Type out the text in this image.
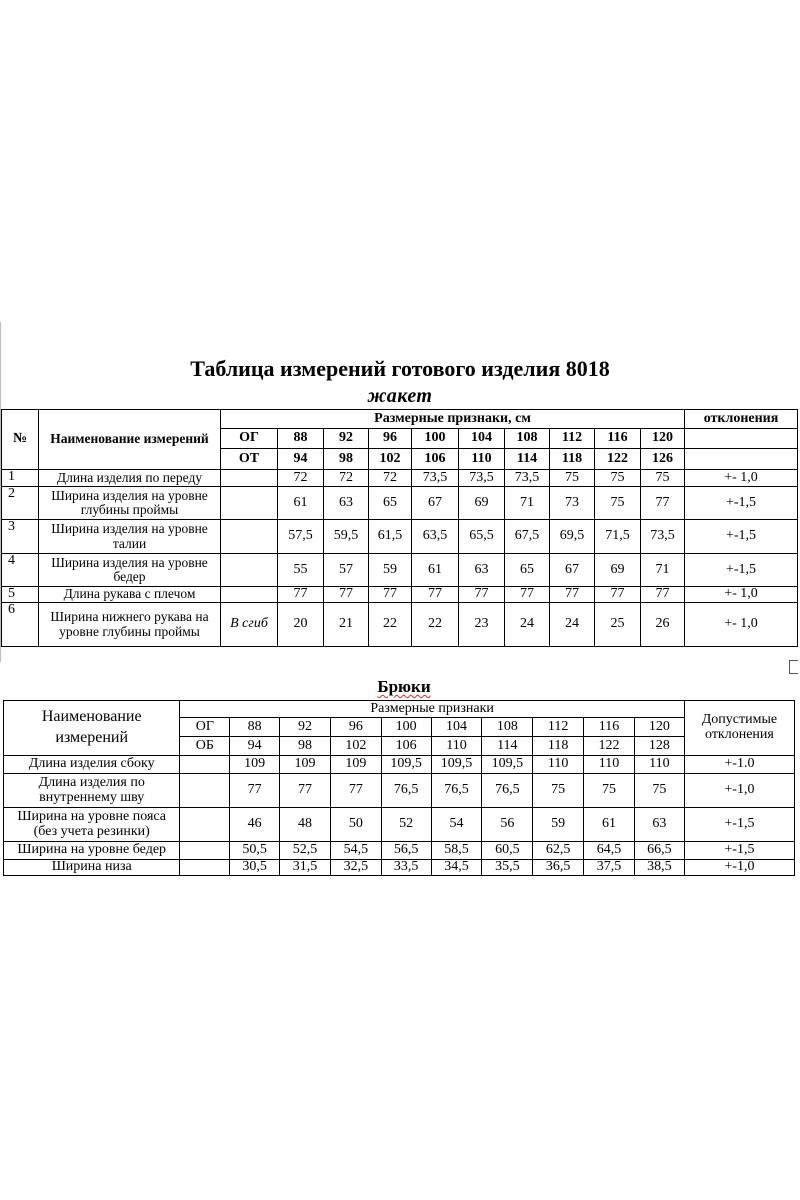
Таблица измерений готового изделия 8018
жакет
№	Наименование измерений	Размерные признаки, см										отклонения
		ОГ	88	92	96	100	104	108	112	116	120	
		ОТ	94	98	102	106	110	114	118	122	126	
1	Длина изделия по переду		72	72	72	73,5	73,5	73,5	75	75	75	+- 1,0
2	Ширина изделия на уровне глубины проймы		61	63	65	67	69	71	73	75	77	+-1,5
3	Ширина изделия на уровне талии		57,5	59,5	61,5	63,5	65,5	67,5	69,5	71,5	73,5	+-1,5
4	Ширина изделия на уровне бедер		55	57	59	61	63	65	67	69	71	+-1,5
5	Длина рукава с плечом		77	77	77	77	77	77	77	77	77	+- 1,0
6	Ширина нижнего рукава на уровне глубины проймы	В сгиб	20	21	22	22	23	24	24	25	26	+- 1,0
Брюки
Наименование измерений	Размерные признаки										Допустимые отклонения
	ОГ	88	92	96	100	104	108	112	116	120	
	ОБ	94	98	102	106	110	114	118	122	128	
Длина изделия сбоку		109	109	109	109,5	109,5	109,5	110	110	110	+-1.0
Длина изделия по внутреннему шву		77	77	77	76,5	76,5	76,5	75	75	75	+-1,0
Ширина на уровне пояса (без учета резинки)		46	48	50	52	54	56	59	61	63	+-1,5
Ширина на уровне бедер		50,5	52,5	54,5	56,5	58,5	60,5	62,5	64,5	66,5	+-1,5
Ширина низа		30,5	31,5	32,5	33,5	34,5	35,5	36,5	37,5	38,5	+-1,0
